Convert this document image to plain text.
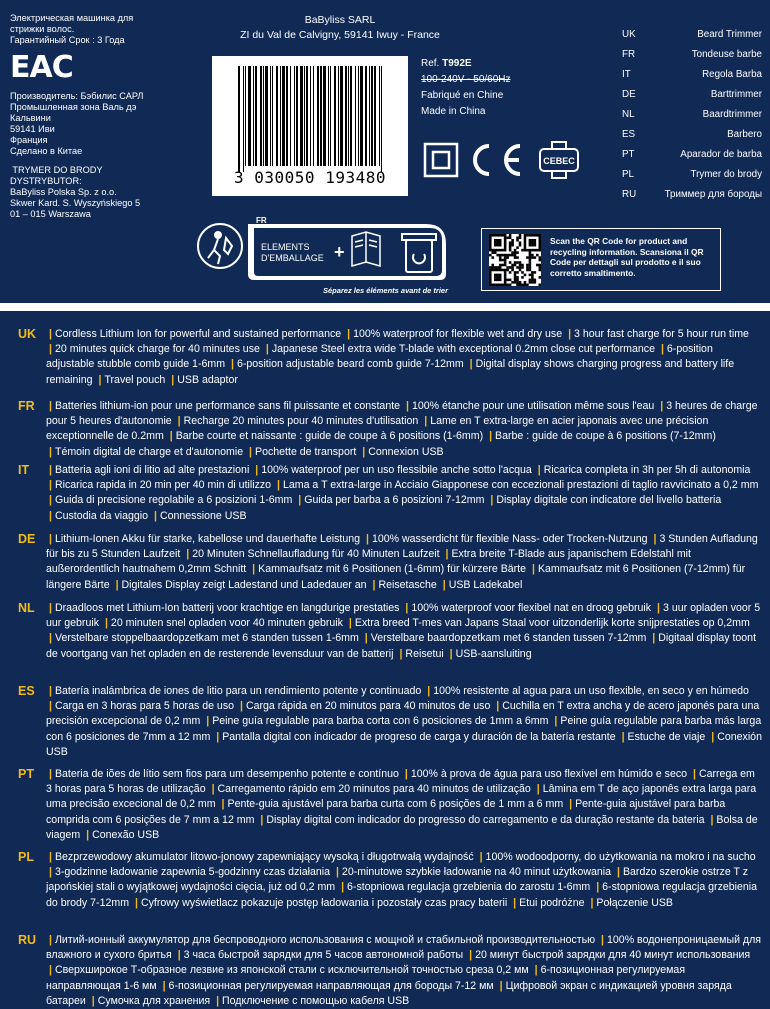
Электрическая машинка для
стрижки волос.
Гарантийный Срок : 3 Года
EAC
Производитель: Бэбилис САРЛ
Промышленная зона Валь дэ
Кальвини
59141 Иви
Франция
Сделано в Китае
TRYMER DO BRODY
DYSTRYBUTOR:
BaByliss Polska Sp. z o.o.
Skwer Kard. S. Wyszyńskiego 5
01 – 015 Warszawa
BaByliss SARL
ZI du Val de Calvigny, 59141 Iwuy - France
3 030050 193480
Ref. T992E
100-240V - 50/60Hz
Fabriqué en Chine
Made in China
CEBEC
UK	Beard Trimmer
FR	Tondeuse barbe
IT	Regola Barba
DE	Barttrimmer
NL	Baardtrimmer
ES	Barbero
PT	Aparador de barba
PL	Trymer do brody
RU	Триммер для бороды
FR
ELEMENTS
D'EMBALLAGE +
Séparez les éléments avant de trier
Scan the QR Code for product and recycling information. Scansiona il QR Code per dettagli sul prodotto e il suo corretto smaltimento.
UK | Cordless Lithium Ion for powerful and sustained performance | 100% waterproof for flexible wet and dry use | 3 hour fast charge for 5 hour run time | 20 minutes quick charge for 40 minutes use | Japanese Steel extra wide T-blade with exceptional 0.2mm close cut performance | 6-position adjustable stubble comb guide 1-6mm | 6-position adjustable beard comb guide 7-12mm | Digital display shows charging progress and battery life remaining | Travel pouch | USB adaptor
FR | Batteries lithium-ion pour une performance sans fil puissante et constante | 100% étanche pour une utilisation même sous l'eau | 3 heures de charge pour 5 heures d'autonomie | Recharge 20 minutes pour 40 minutes d'utilisation | Lame en T extra-large en acier japonais avec une précision exceptionnelle de 0.2mm | Barbe courte et naissante : guide de coupe à 6 positions (1-6mm) | Barbe : guide de coupe à 6 positions (7-12mm) | Témoin digital de charge et d'autonomie | Pochette de transport | Connexion USB
IT | Batteria agli ioni di litio ad alte prestazioni | 100% waterproof per un uso flessibile anche sotto l'acqua | Ricarica completa in 3h per 5h di autonomia | Ricarica rapida in 20 min per 40 min di utilizzo | Lama a T extra-large in Acciaio Giapponese con eccezionali prestazioni di taglio ravvicinato a 0,2 mm | Guida di precisione regolabile a 6 posizioni 1-6mm | Guida per barba a 6 posizioni 7-12mm | Display digitale con indicatore del livello batteria | Custodia da viaggio | Connessione USB
DE | Lithium-Ionen Akku für starke, kabellose und dauerhafte Leistung | 100% wasserdicht für flexible Nass- oder Trocken-Nutzung | 3 Stunden Aufladung für bis zu 5 Stunden Laufzeit | 20 Minuten Schnellaufladung für 40 Minuten Laufzeit | Extra breite T-Blade aus japanischem Edelstahl mit außerordentlich hautnahem 0,2mm Schnitt | Kammaufsatz mit 6 Positionen (1-6mm) für kürzere Bärte | Kammaufsatz mit 6 Positionen (7-12mm) für längere Bärte | Digitales Display zeigt Ladestand und Ladedauer an | Reisetasche | USB Ladekabel
NL | Draadloos met Lithium-Ion batterij voor krachtige en langdurige prestaties | 100% waterproof voor flexibel nat en droog gebruik | 3 uur opladen voor 5 uur gebruik | 20 minuten snel opladen voor 40 minuten gebruik | Extra breed T-mes van Japans Staal voor uitzonderlijk korte snijprestaties op 0,2mm | Verstelbare stoppelbaardopzetkam met 6 standen tussen 1-6mm | Verstelbare baardopzetkam met 6 standen tussen 7-12mm | Digitaal display toont de voortgang van het opladen en de resterende levensduur van de batterij | Reisetui | USB-aansluiting
ES | Batería inalámbrica de iones de litio para un rendimiento potente y continuado | 100% resistente al agua para un uso flexible, en seco y en húmedo | Carga en 3 horas para 5 horas de uso | Carga rápida en 20 minutos para 40 minutos de uso | Cuchilla en T extra ancha y de acero japonés para una precisión excepcional de 0,2 mm | Peine guía regulable para barba corta con 6 posiciones de 1mm a 6mm | Peine guía regulable para barba más larga con 6 posiciones de 7mm a 12 mm | Pantalla digital con indicador de progreso de carga y duración de la batería restante | Estuche de viaje | Conexión USB
PT | Bateria de iões de lítio sem fios para um desempenho potente e contínuo | 100% à prova de água para uso flexível em húmido e seco | Carrega em 3 horas para 5 horas de utilização | Carregamento rápido em 20 minutos para 40 minutos de utilização | Lâmina em T de aço japonês extra larga para uma precisão excecional de 0,2 mm | Pente-guia ajustável para barba curta com 6 posições de 1 mm a 6 mm | Pente-guia ajustável para barba comprida com 6 posições de 7 mm a 12 mm | Display digital com indicador do progresso do carregamento e da duração restante da bateria | Bolsa de viagem | Conexão USB
PL | Bezprzewodowy akumulator litowo-jonowy zapewniający wysoką i długotrwałą wydajność | 100% wodoodporny, do użytkowania na mokro i na sucho | 3-godzinne ładowanie zapewnia 5-godzinny czas działania | 20-minutowe szybkie ładowanie na 40 minut użytkowania | Bardzo szerokie ostrze T z japońskiej stali o wyjątkowej wydajności cięcia, już od 0,2 mm | 6-stopniowa regulacja grzebienia do zarostu 1-6mm | 6-stopniowa regulacja grzebienia do brody 7-12mm | Cyfrowy wyświetlacz pokazuje postęp ładowania i pozostały czas pracy baterii | Etui podróżne | Połączenie USB
RU | Литий-ионный аккумулятор для беспроводного использования с мощной и стабильной производительностью | 100% водонепроницаемый для влажного и сухого бритья | 3 часа быстрой зарядки для 5 часов автономной работы | 20 минут быстрой зарядки для 40 минут использования | Сверхширокое Т-образное лезвие из японской стали с исключительной точностью среза 0,2 мм | 6-позиционная регулируемая направляющая 1-6 мм | 6-позиционная регулируемая направляющая для бороды 7-12 мм | Цифровой экран с индикацией уровня заряда батареи | Сумочка для хранения | Подключение с помощью кабеля USB
